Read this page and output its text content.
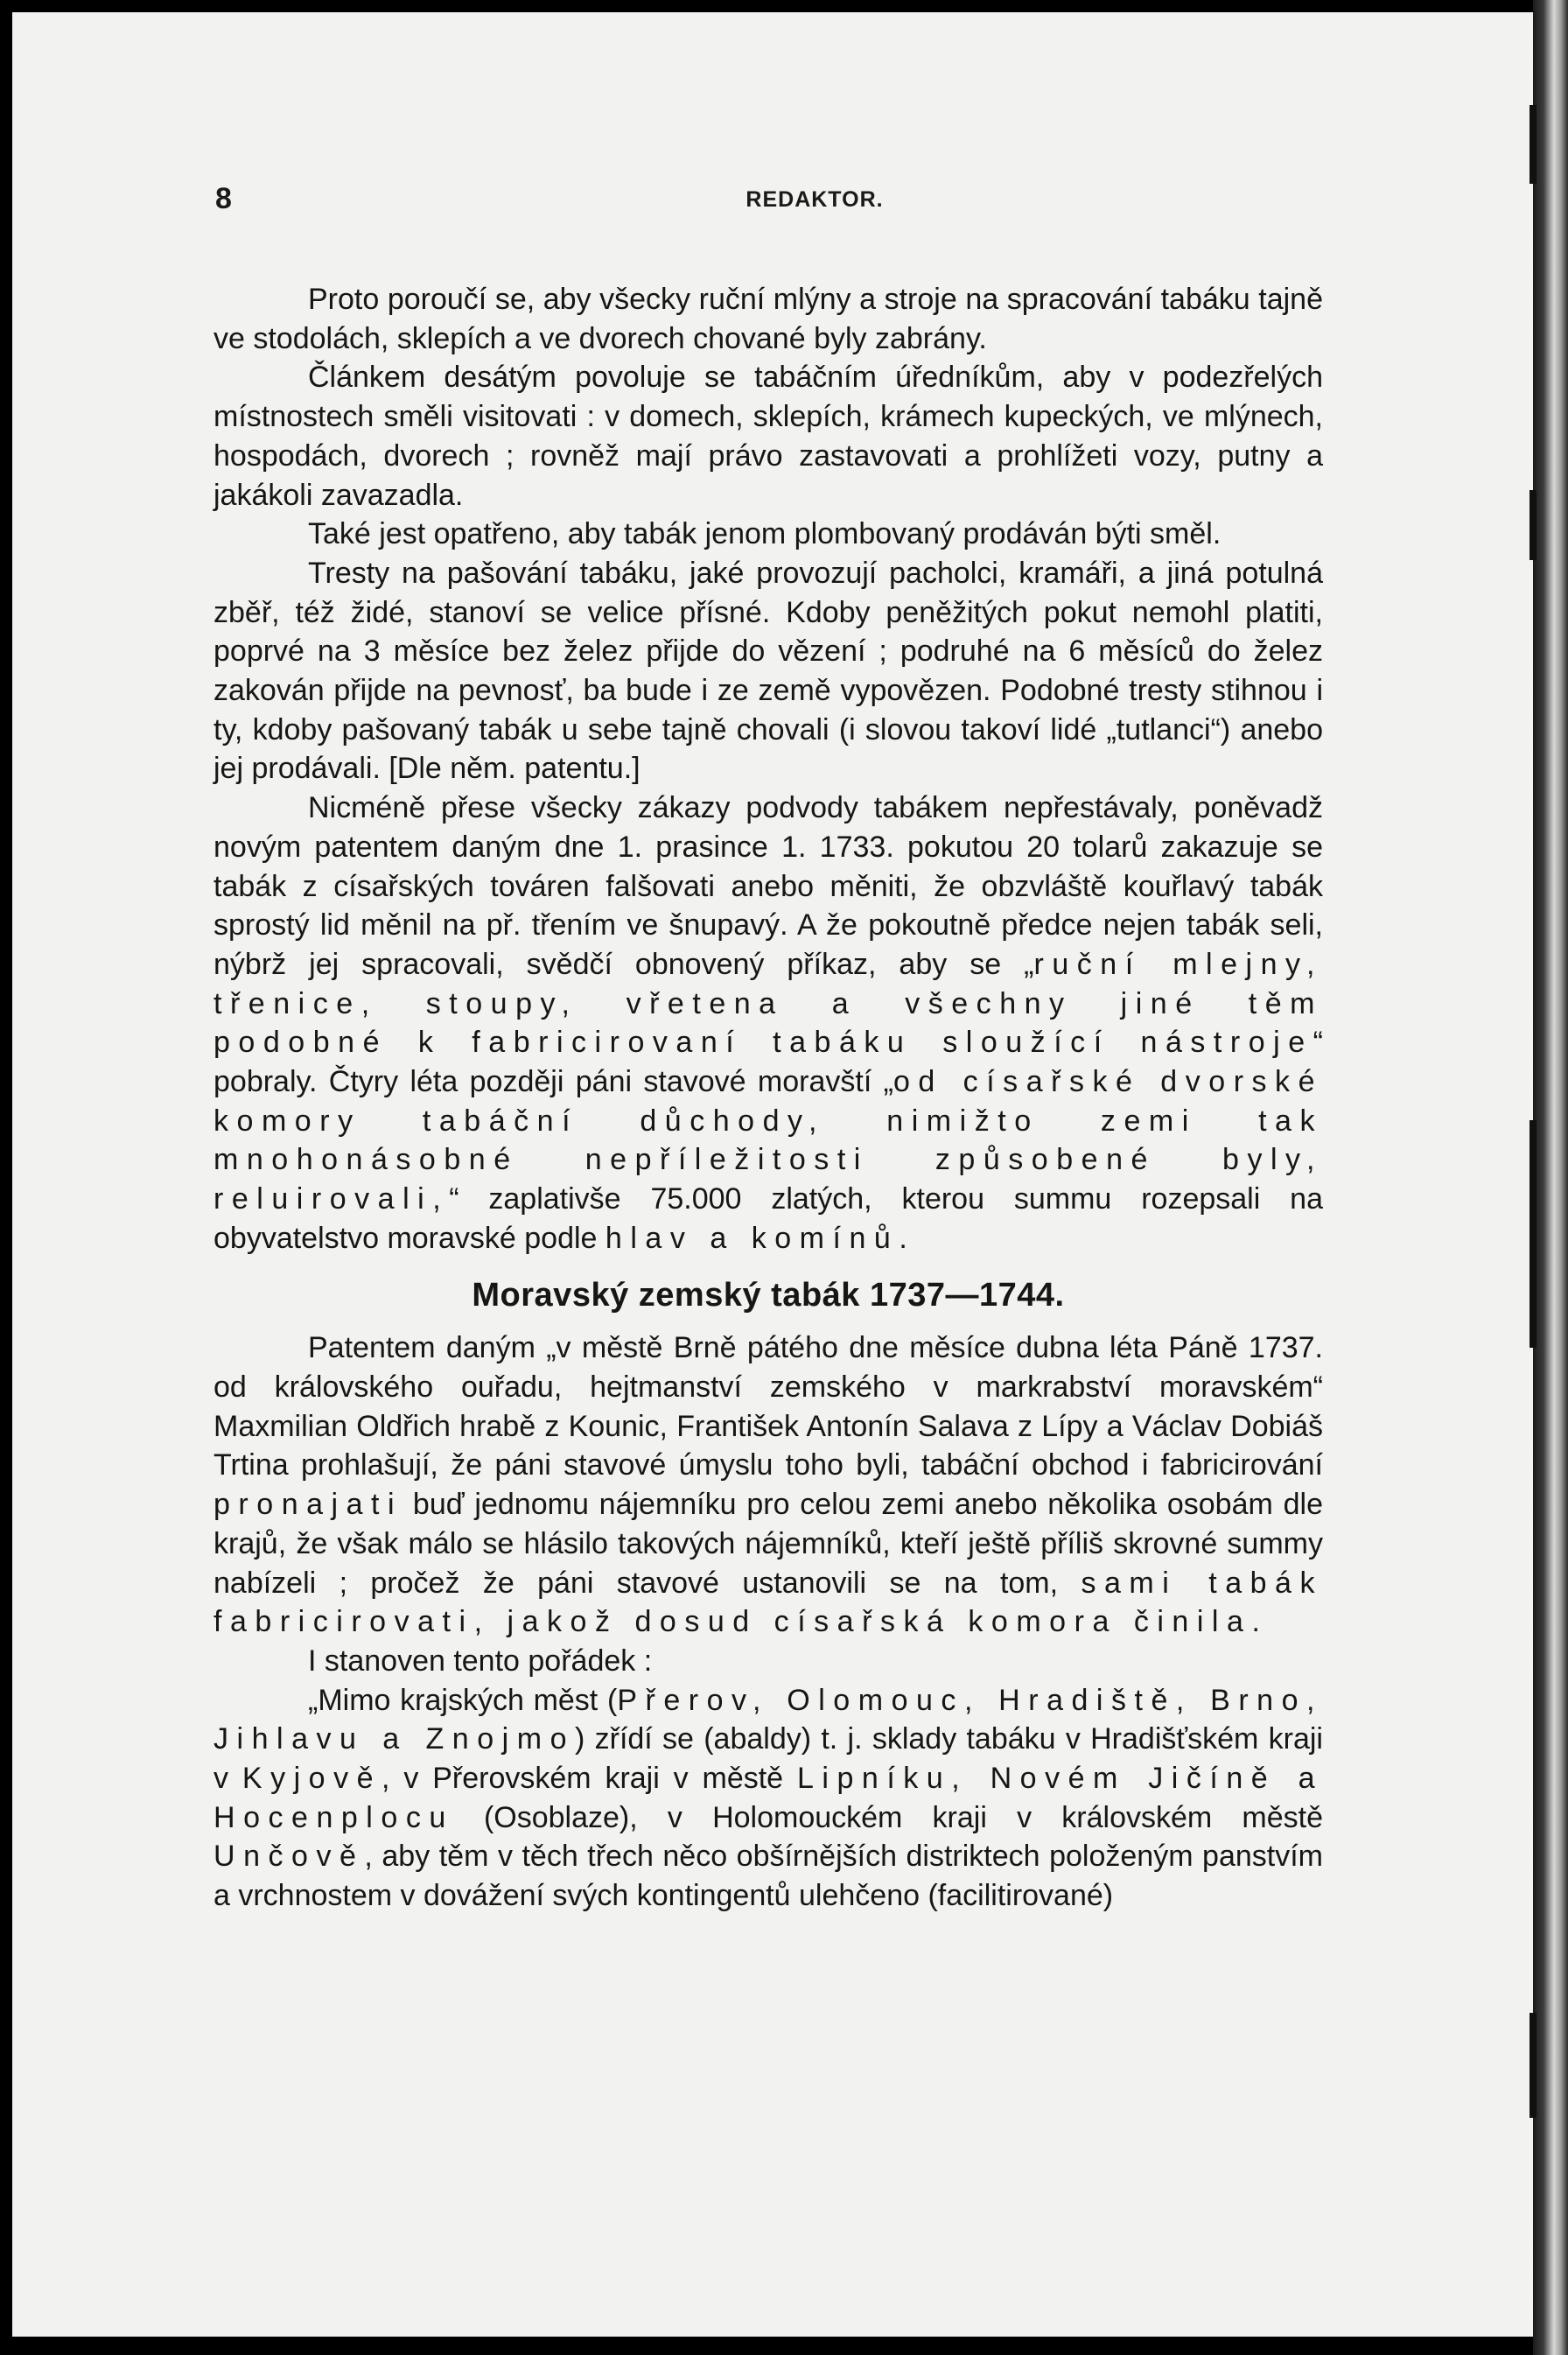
8	REDAKTOR.

Proto poroučí se, aby všecky ruční mlýny a stroje na spracování tabáku tajně ve stodolách, sklepích a ve dvorech chované byly zabrány.

Článkem desátým povoluje se tabáčním úředníkům, aby v podezřelých místnostech směli visitovati : v domech, sklepích, krámech kupeckých, ve mlýnech, hospodách, dvorech ; rovněž mají právo zastavovati a prohlížeti vozy, putny a jakákoli zavazadla.

Také jest opatřeno, aby tabák jenom plombovaný prodáván býti směl.

Tresty na pašování tabáku, jaké provozují pacholci, kramáři, a jiná potulná zběř, též židé, stanoví se velice přísné. Kdoby peněžitých pokut nemohl platiti, poprvé na 3 měsíce bez želez přijde do vězení ; podruhé na 6 měsíců do želez zakován přijde na pevnosť, ba bude i ze země vypovězen. Podobné tresty stihnou i ty, kdoby pašovaný tabák u sebe tajně chovali (i slovou takoví lidé „tutlanci“) anebo jej prodávali. [Dle něm. patentu.]

Nicméně přese všecky zákazy podvody tabákem nepřestávaly, poněvadž novým patentem daným dne 1. prasince 1. 1733. pokutou 20 tolarů zakazuje se tabák z císařských továren falšovati anebo měniti, že obzvláště kouřlavý tabák sprostý lid měnil na př. třením ve šnupavý. A že pokoutně předce nejen tabák seli, nýbrž jej spracovali, svědčí obnovený příkaz, aby se „ruční mlejny, třenice, stoupy, vřetena a všechny jiné těm podobné k fabricirovaní tabáku sloužící nástroje“ pobraly. Čtyry léta později páni stavové moravští „od císařské dvorské komory tabáční důchody, nimižto zemi tak mnohonásobné nepříležitosti způsobené byly, reluirovali,“ zaplativše 75.000 zlatých, kterou summu rozepsali na obyvatelstvo moravské podle hlav a komínů.

Moravský zemský tabák 1737—1744.

Patentem daným „v městě Brně pátého dne měsíce dubna léta Páně 1737. od královského ouřadu, hejtmanství zemského v markrabství moravském“ Maxmilian Oldřich hrabě z Kounic, František Antonín Salava z Lípy a Václav Dobiáš Trtina prohlašují, že páni stavové úmyslu toho byli, tabáční obchod i fabricirování pronajati buď jednomu nájemníku pro celou zemi anebo několika osobám dle krajů, že však málo se hlásilo takových nájemníků, kteří ještě příliš skrovné summy nabízeli ; pročež že páni stavové ustanovili se na tom, sami tabák fabricirovati, jakož dosud císařská komora činila.

I stanoven tento pořádek :

„Mimo krajských měst (Přerov, Olomouc, Hradiště, Brno, Jihlavu a Znojmo) zřídí se (abaldy) t. j. sklady tabáku v Hradišťském kraji v Kyjově, v Přerovském kraji v městě Lipníku, Novém Jičíně a Hocenplocu (Osoblaze), v Holomouckém kraji v královském městě Unčově, aby těm v těch třech něco obšírnějších distriktech položeným panstvím a vrchnostem v dovážení svých kontingentů ulehčeno (facilitirované)
